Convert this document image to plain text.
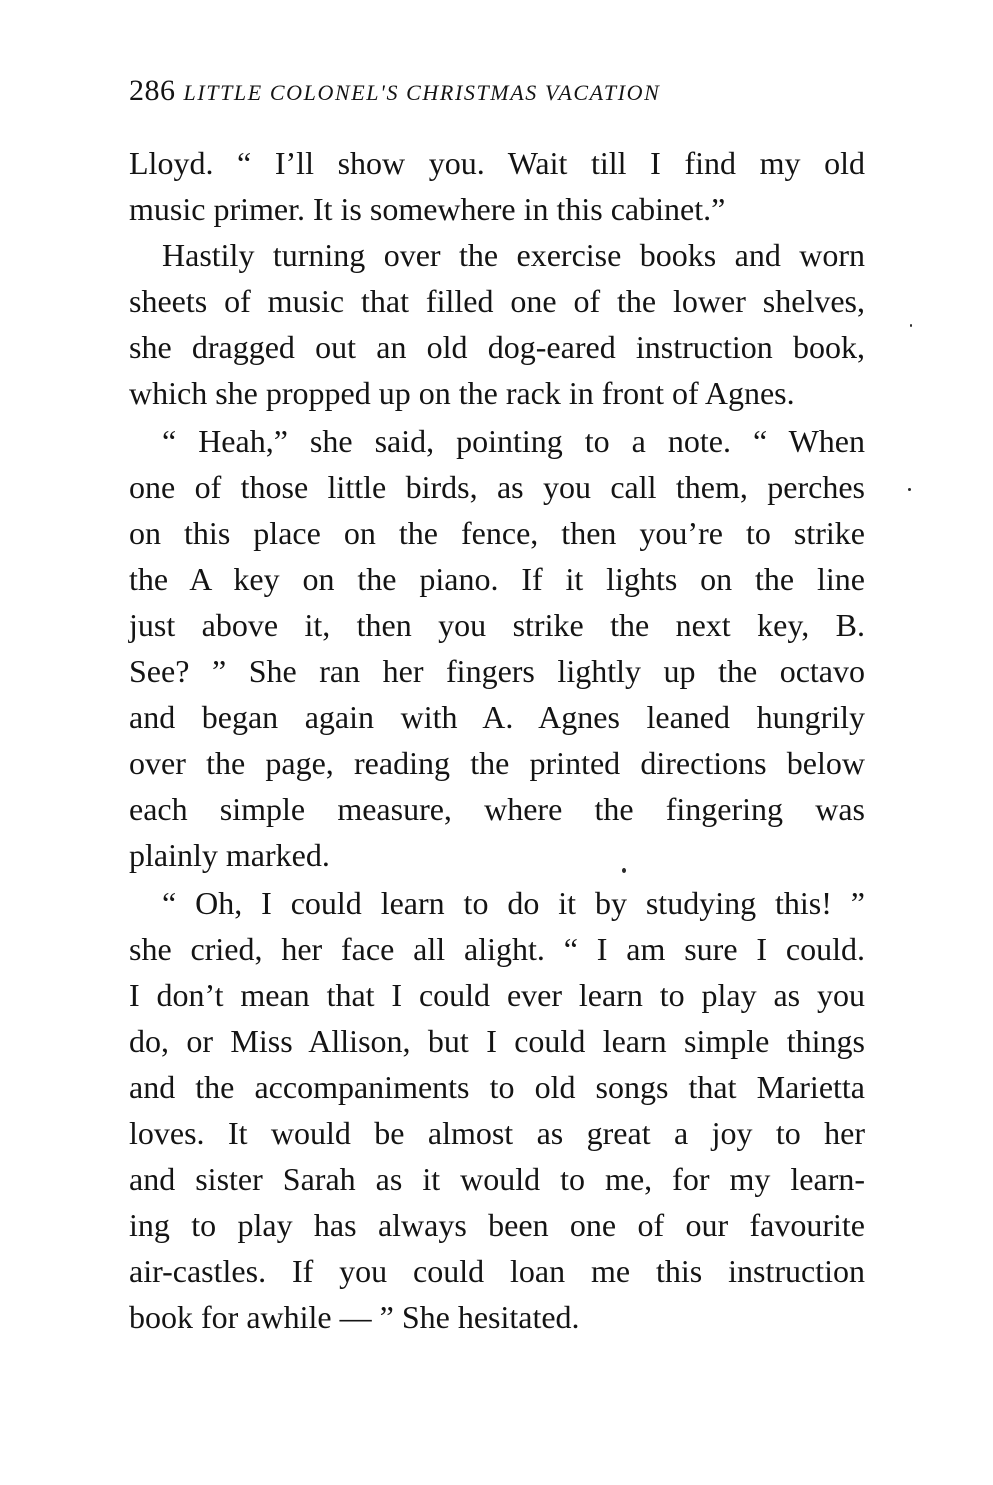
286 LITTLE COLONEL'S CHRISTMAS VACATION
Lloyd. “ I’ll show you. Wait till I find my old
music primer. It is somewhere in this cabinet.”
Hastily turning over the exercise books and worn
sheets of music that filled one of the lower shelves,
she dragged out an old dog-eared instruction book,
which she propped up on the rack in front of Agnes.
“ Heah,” she said, pointing to a note. “ When
one of those little birds, as you call them, perches
on this place on the fence, then you’re to strike
the A key on the piano. If it lights on the line
just above it, then you strike the next key, B.
See? ” She ran her fingers lightly up the octavo
and began again with A. Agnes leaned hungrily
over the page, reading the printed directions below
each simple measure, where the fingering was
plainly marked.
“ Oh, I could learn to do it by studying this! ”
she cried, her face all alight. “ I am sure I could.
I don’t mean that I could ever learn to play as you
do, or Miss Allison, but I could learn simple things
and the accompaniments to old songs that Marietta
loves. It would be almost as great a joy to her
and sister Sarah as it would to me, for my learn-
ing to play has always been one of our favourite
air-castles. If you could loan me this instruction
book for awhile — ” She hesitated.
